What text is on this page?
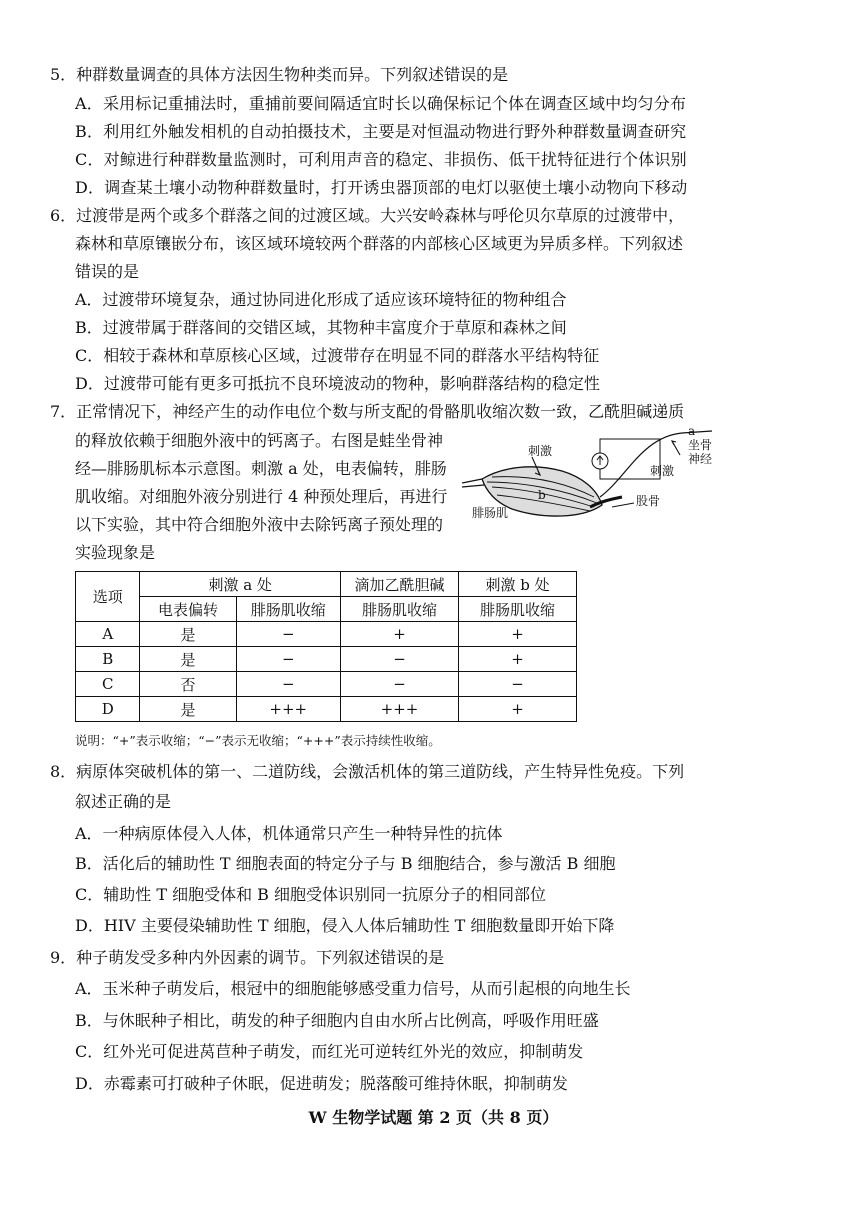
5．种群数量调查的具体方法因生物种类而异。下列叙述错误的是
A．采用标记重捕法时，重捕前要间隔适宜时长以确保标记个体在调查区域中均匀分布
B．利用红外触发相机的自动拍摄技术，主要是对恒温动物进行野外种群数量调查研究
C．对鲸进行种群数量监测时，可利用声音的稳定、非损伤、低干扰特征进行个体识别
D．调查某土壤小动物种群数量时，打开诱虫器顶部的电灯以驱使土壤小动物向下移动
6．过渡带是两个或多个群落之间的过渡区域。大兴安岭森林与呼伦贝尔草原的过渡带中，
森林和草原镶嵌分布，该区域环境较两个群落的内部核心区域更为异质多样。下列叙述
错误的是
A．过渡带环境复杂，通过协同进化形成了适应该环境特征的物种组合
B．过渡带属于群落间的交错区域，其物种丰富度介于草原和森林之间
C．相较于森林和草原核心区域，过渡带存在明显不同的群落水平结构特征
D．过渡带可能有更多可抵抗不良环境波动的物种，影响群落结构的稳定性
7．正常情况下，神经产生的动作电位个数与所支配的骨骼肌收缩次数一致，乙酰胆碱递质
的释放依赖于细胞外液中的钙离子。右图是蛙坐骨神
经—腓肠肌标本示意图。刺激 a 处，电表偏转，腓肠
肌收缩。对细胞外液分别进行 4 种预处理后，再进行
以下实验，其中符合细胞外液中去除钙离子预处理的
实验现象是
刺激
b
a
刺激
坐骨
神经
腓肠肌
股骨
选项	刺激 a 处		滴加乙酰胆碱	刺激 b 处
	电表偏转	腓肠肌收缩	腓肠肌收缩	腓肠肌收缩
A	是	−	+	+
B	是	−	−	+
C	否	−	−	−
D	是	+++	+++	+
说明：“+”表示收缩；“−”表示无收缩；“+++”表示持续性收缩。
8．病原体突破机体的第一、二道防线，会激活机体的第三道防线，产生特异性免疫。下列
叙述正确的是
A．一种病原体侵入人体，机体通常只产生一种特异性的抗体
B．活化后的辅助性 T 细胞表面的特定分子与 B 细胞结合，参与激活 B 细胞
C．辅助性 T 细胞受体和 B 细胞受体识别同一抗原分子的相同部位
D．HIV 主要侵染辅助性 T 细胞，侵入人体后辅助性 T 细胞数量即开始下降
9．种子萌发受多种内外因素的调节。下列叙述错误的是
A．玉米种子萌发后，根冠中的细胞能够感受重力信号，从而引起根的向地生长
B．与休眠种子相比，萌发的种子细胞内自由水所占比例高，呼吸作用旺盛
C．红外光可促进莴苣种子萌发，而红光可逆转红外光的效应，抑制萌发
D．赤霉素可打破种子休眠，促进萌发；脱落酸可维持休眠，抑制萌发
W 生物学试题 第 2 页（共 8 页）
